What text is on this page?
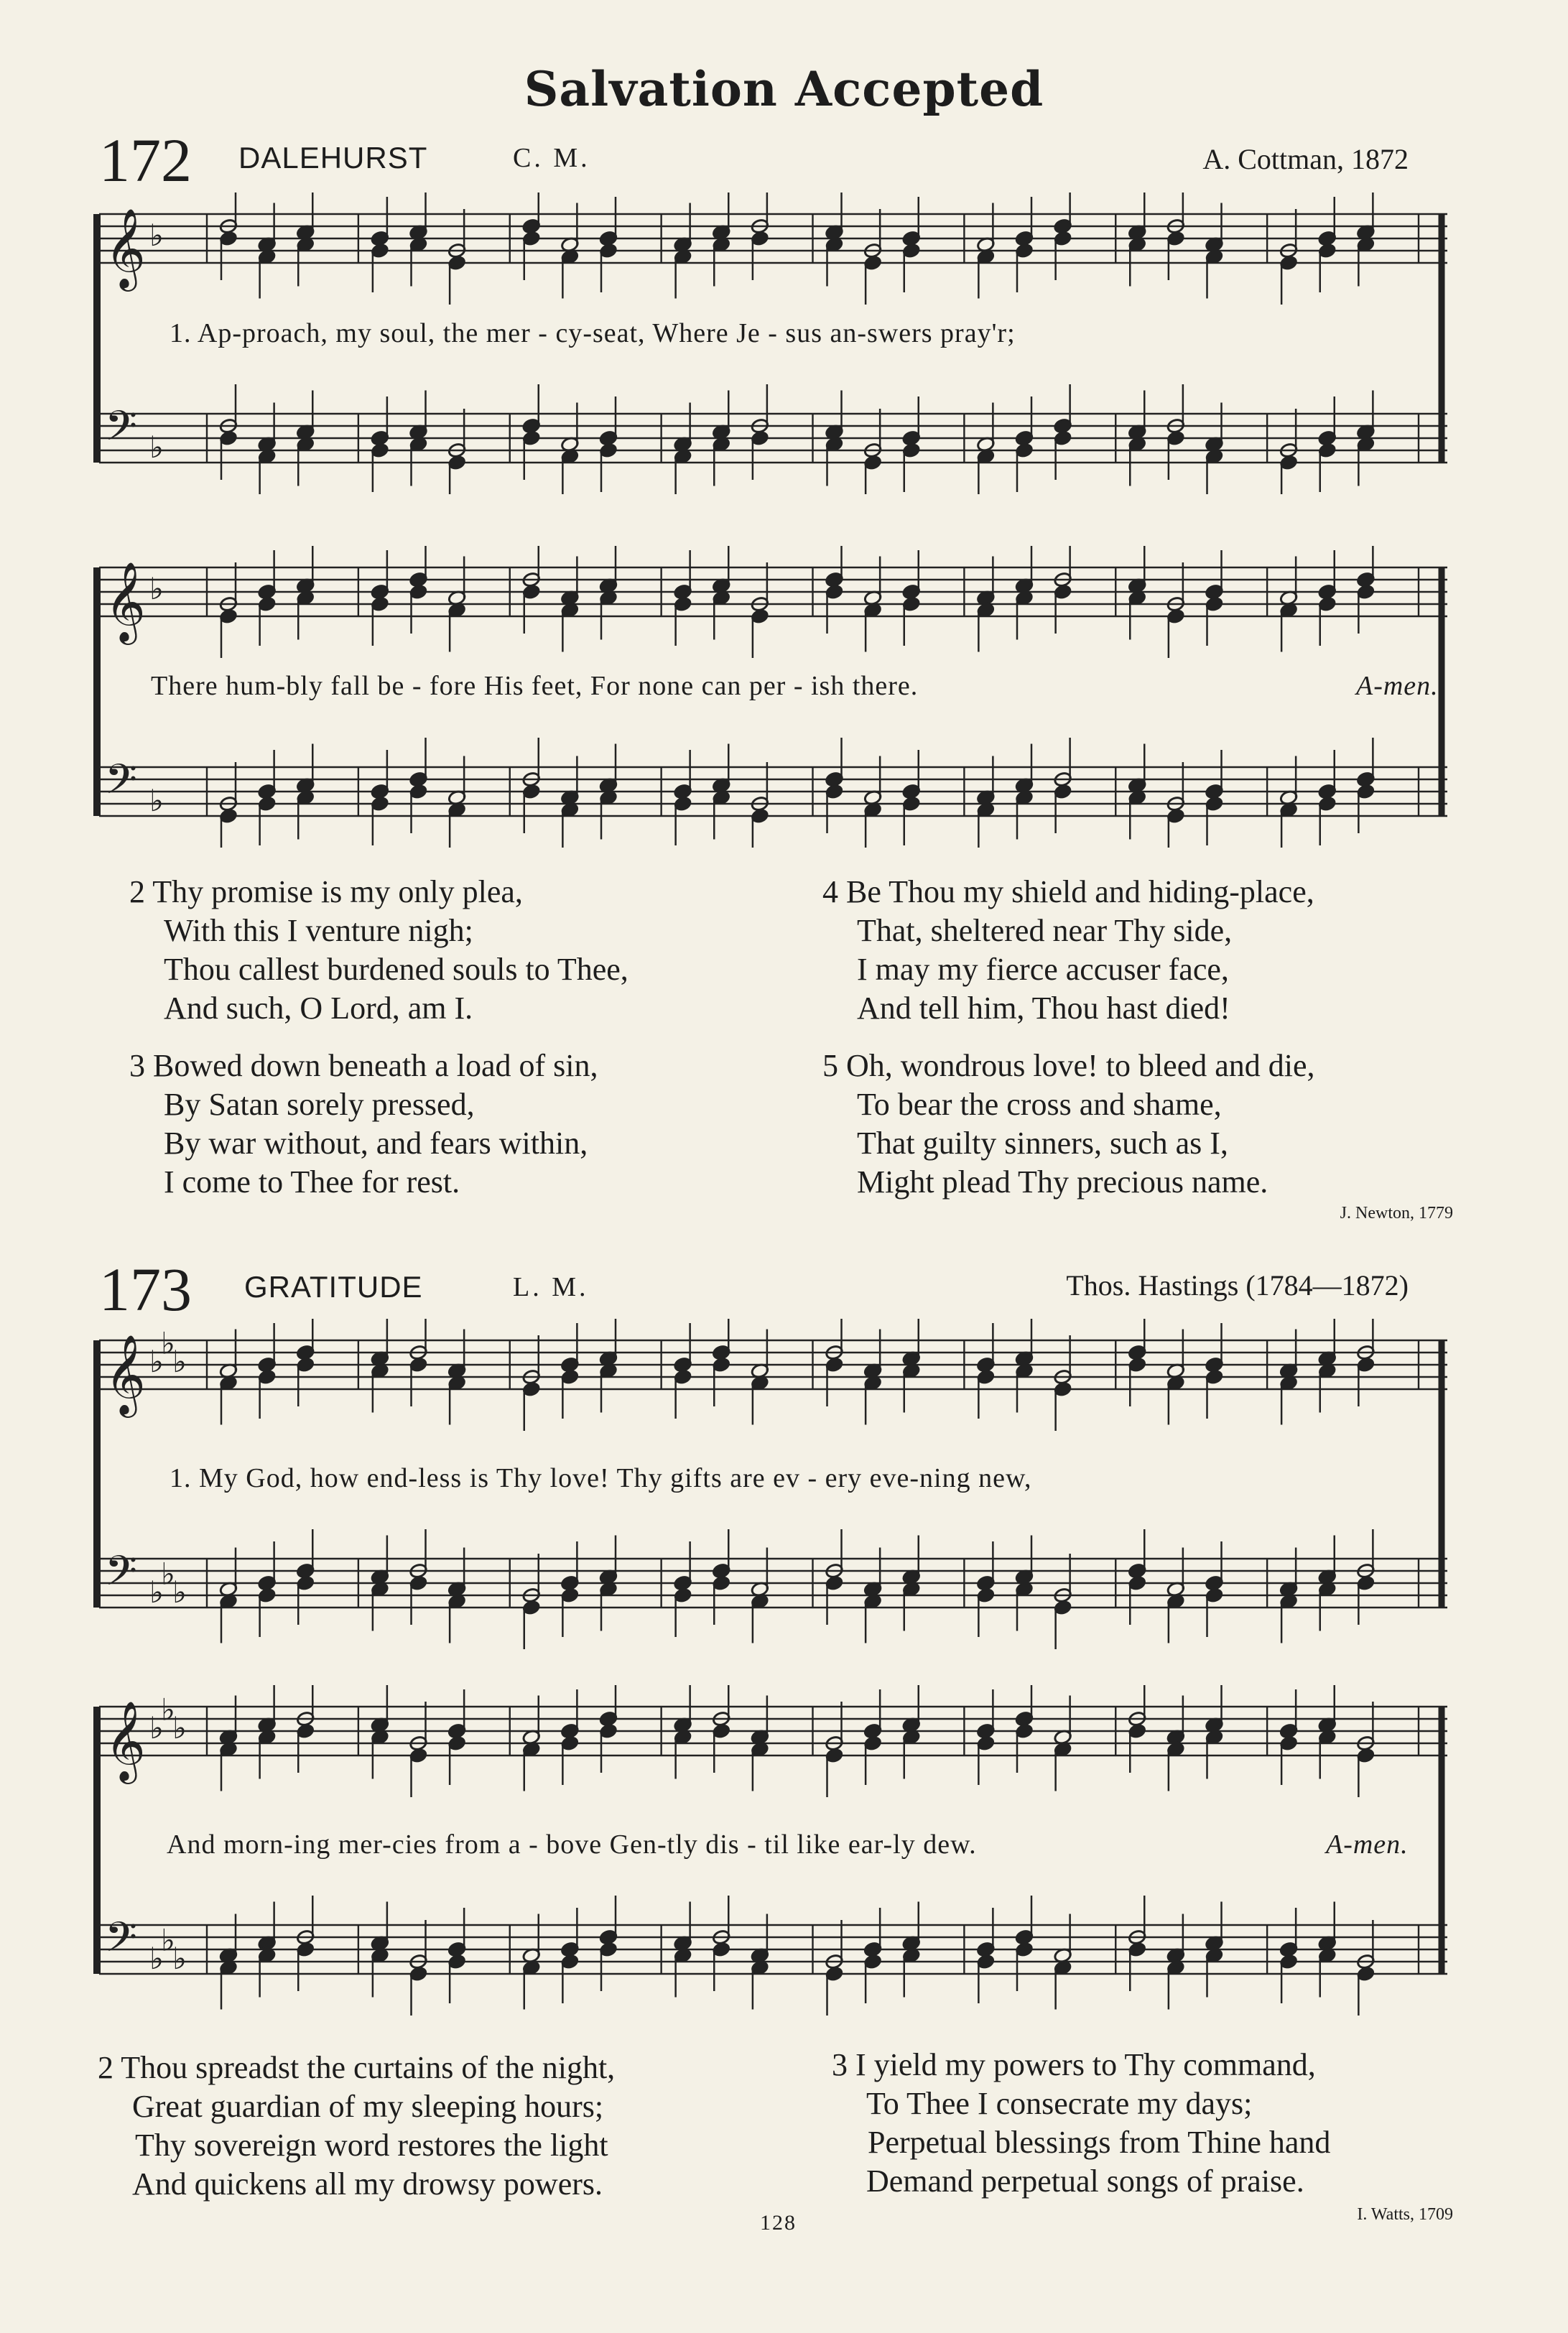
Salvation Accepted
172 DALEHURST	C. M.	A. Cottman, 1872
𝄞
𝄢
♭
♭
1. Ap-proach, my soul, the mer - cy-seat, Where Je - sus an-swers pray'r;
𝄞
𝄢
♭
♭
There hum-bly fall be - fore His feet, For none can per - ish there.	A-men.
2 Thy promise is my only plea,
With this I venture nigh;
Thou callest burdened souls to Thee,
And such, O Lord, am I.
3 Bowed down beneath a load of sin,
By Satan sorely pressed,
By war without, and fears within,
I come to Thee for rest.
4 Be Thou my shield and hiding-place,
That, sheltered near Thy side,
I may my fierce accuser face,
And tell him, Thou hast died!
5 Oh, wondrous love! to bleed and die,
To bear the cross and shame,
That guilty sinners, such as I,
Might plead Thy precious name.
J. Newton, 1779
173 GRATITUDE	L. M.	Thos. Hastings (1784—1872)
𝄞
𝄢
♭
♭
♭
♭
♭
♭
1. My God, how end-less is Thy love! Thy gifts are ev - ery eve-ning new,
𝄞
𝄢
♭
♭
♭
♭
♭
♭
And morn-ing mer-cies from a - bove Gen-tly dis - til like ear-ly dew.	A-men.
2 Thou spreadst the curtains of the night,
Great guardian of my sleeping hours;
Thy sovereign word restores the light
And quickens all my drowsy powers.
3 I yield my powers to Thy command,
To Thee I consecrate my days;
Perpetual blessings from Thine hand
Demand perpetual songs of praise.
I. Watts, 1709
128
